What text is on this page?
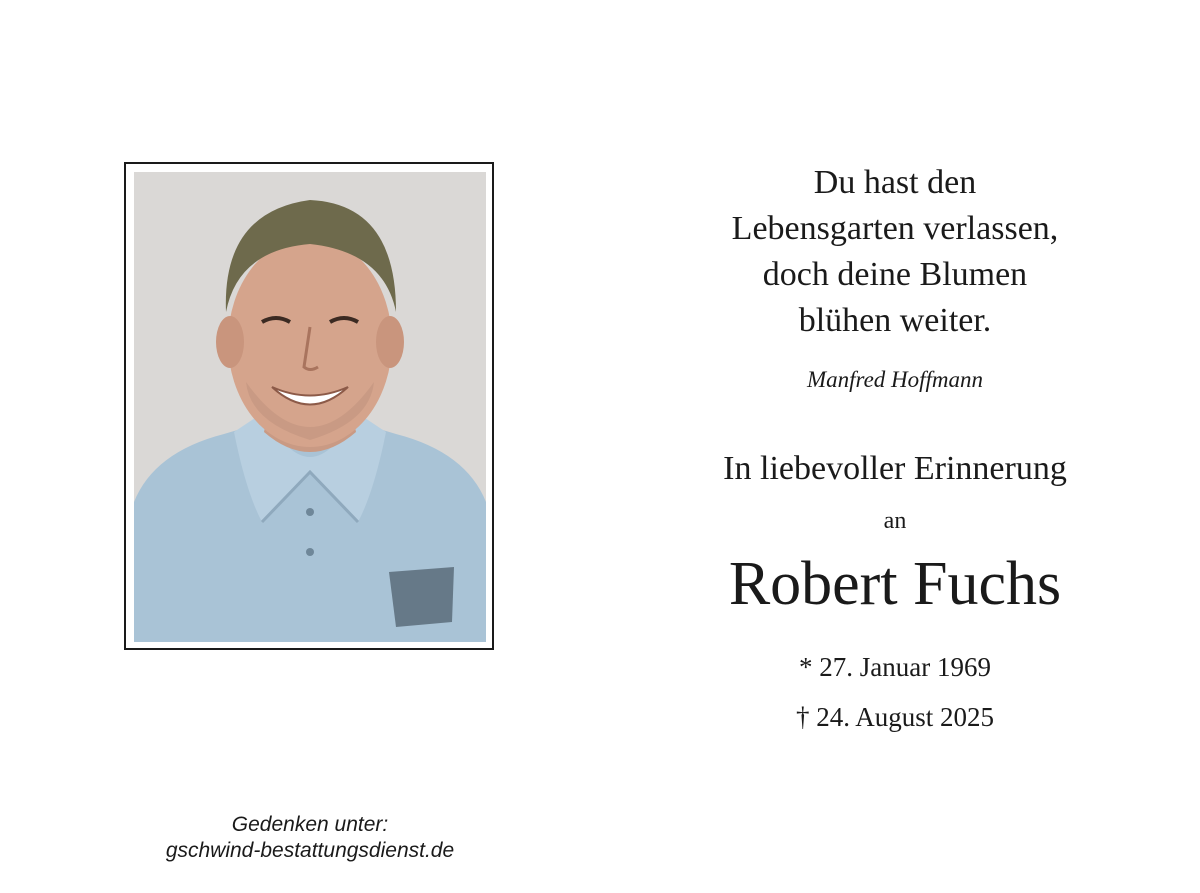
Du hast den
Lebensgarten verlassen,
doch deine Blumen
blühen weiter.
Manfred Hoffmann
In liebevoller Erinnerung
an
Robert Fuchs
* 27. Januar 1969
† 24. August 2025
Gedenken unter:
gschwind-bestattungsdienst.de
